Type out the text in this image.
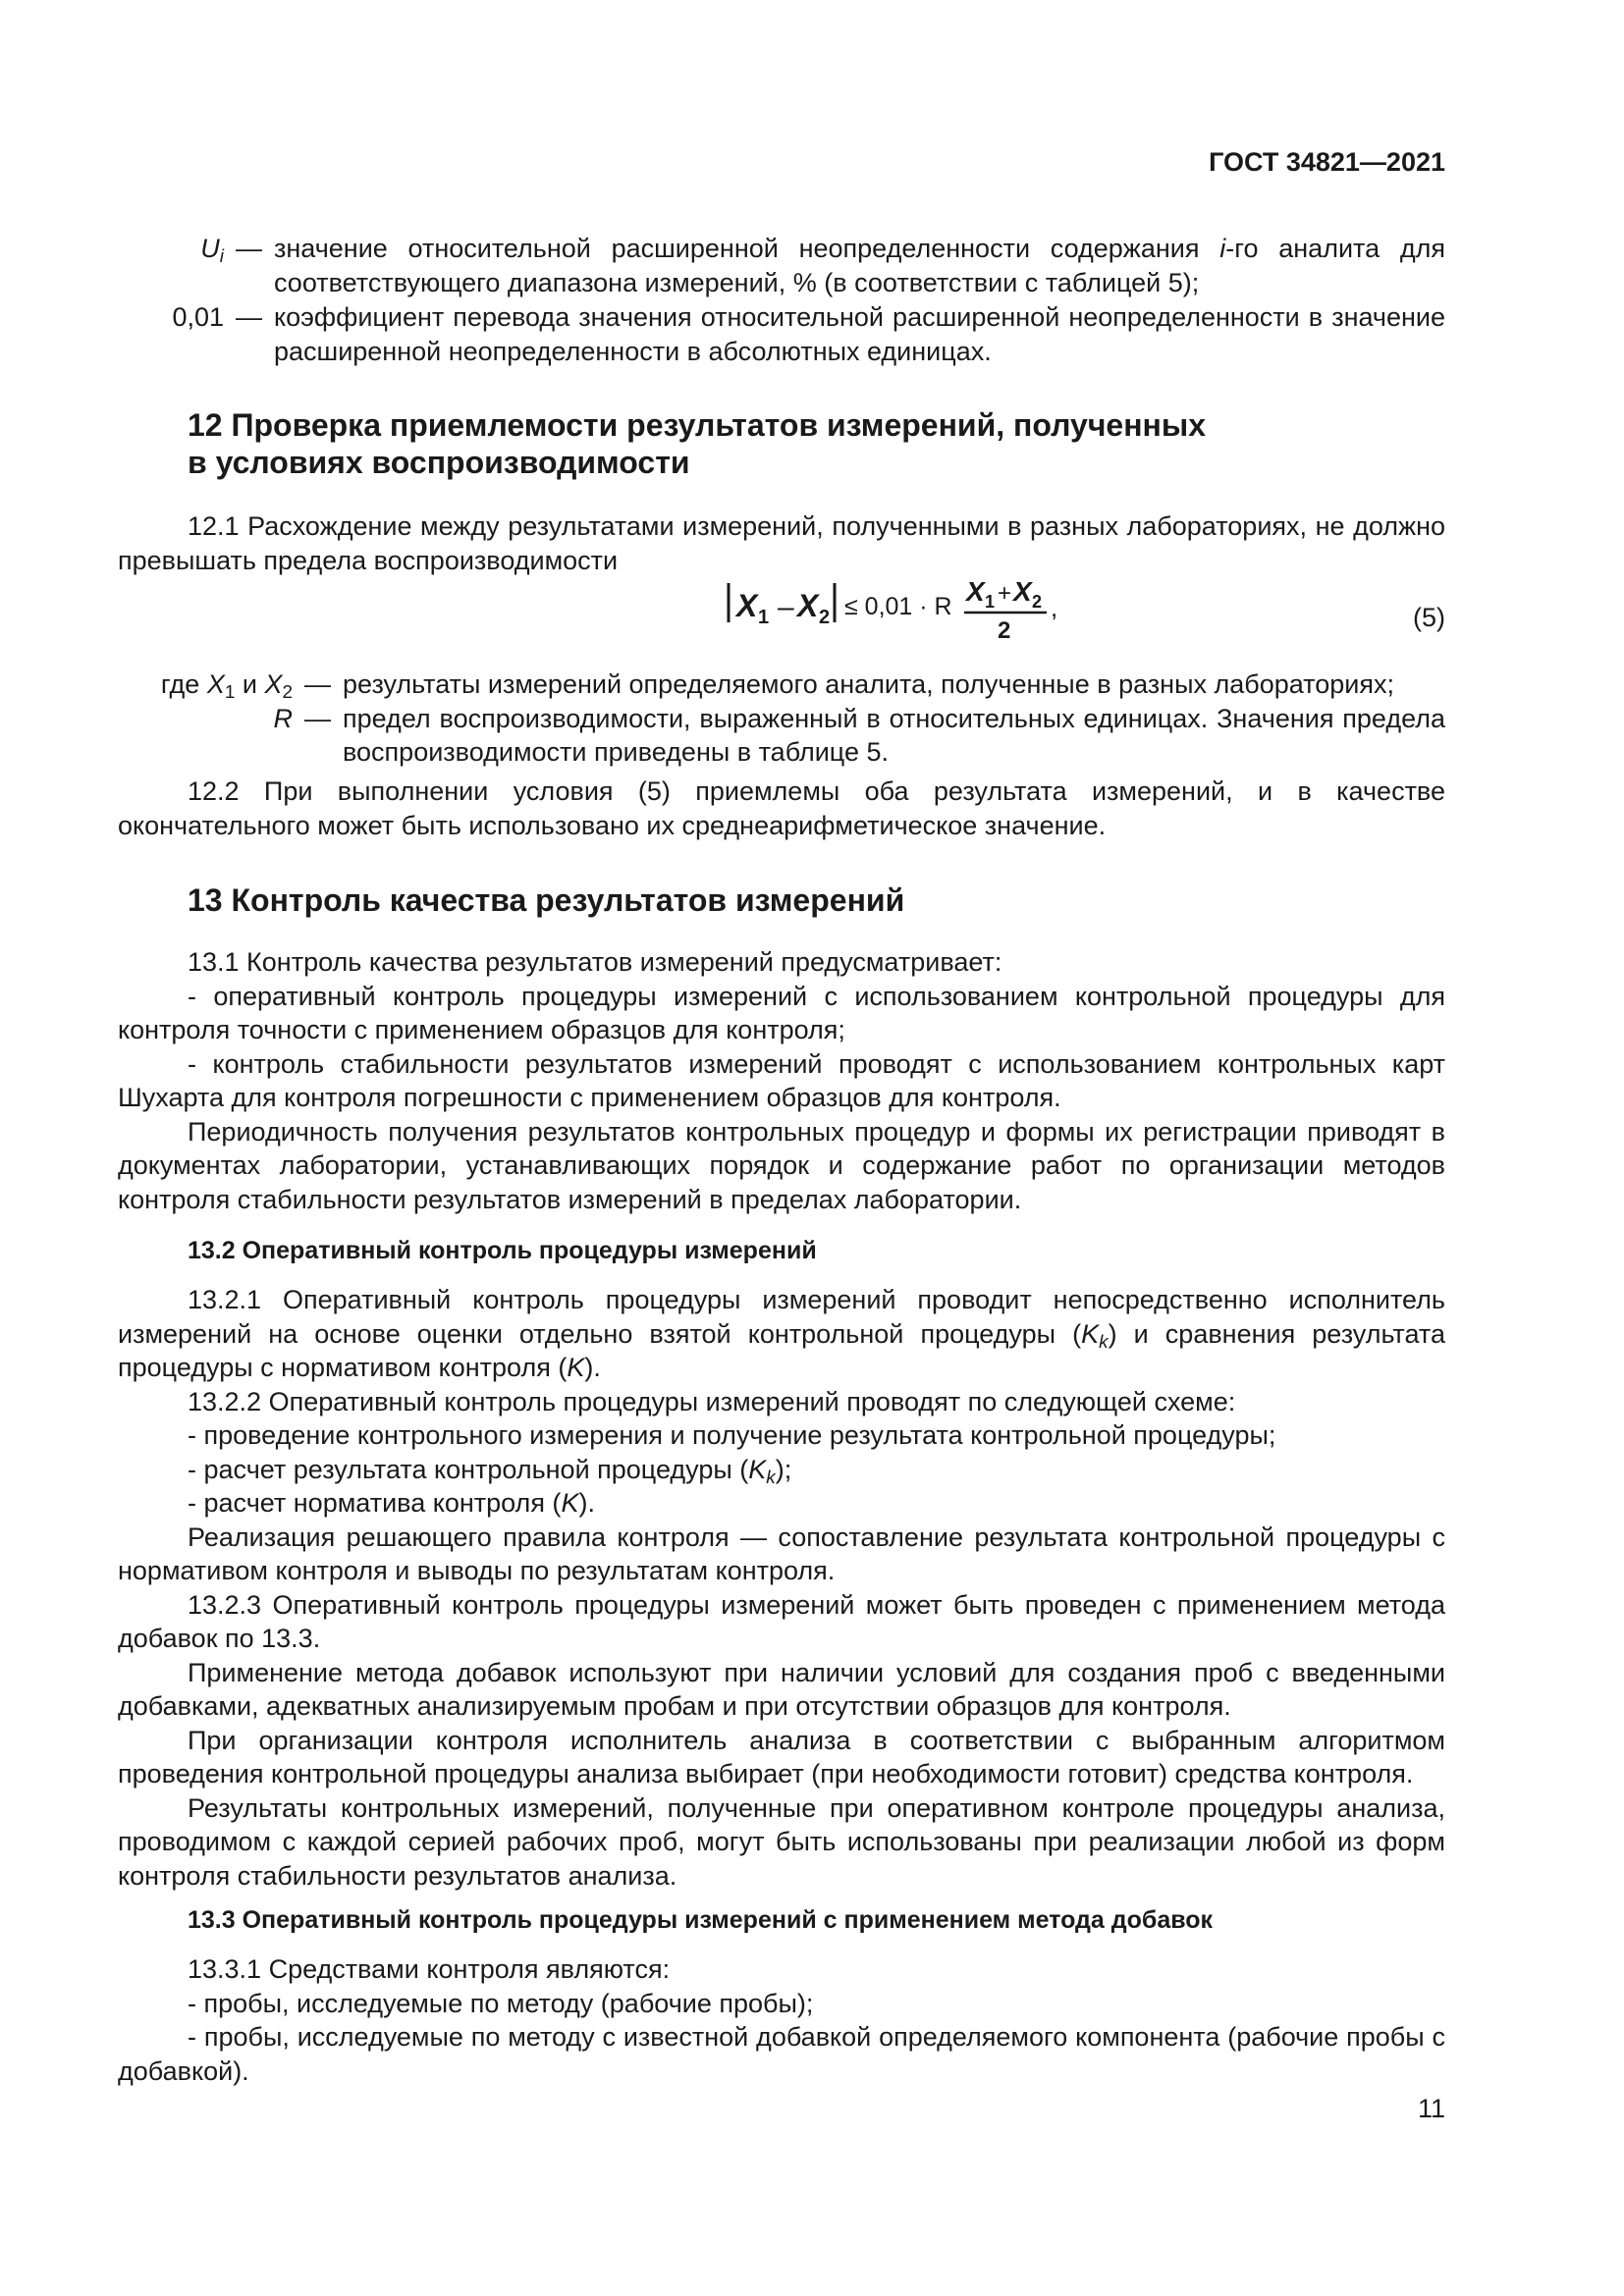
ГОСТ 34821—2021
$U_i$ — значение относительной расширенной неопределенности содержания i-го аналита для соответствующего диапазона измерений, % (в соответствии с таблицей 5);
0,01 — коэффициент перевода значения относительной расширенной неопределенности в значение расширенной неопределенности в абсолютных единицах.

12 Проверка приемлемости результатов измерений, полученных

в условиях воспроизводимости

12.1 Расхождение между результатами измерений, полученными в разных лабораториях, не должно превышать предела воспроизводимости

X 1 – X 2 ≤ 0,01 · R X 1 + X 2
2
,	(5)
где $X_1$ и $X_2$ — результаты измерений определяемого аналита, полученные в разных лабораториях;
R — предел воспроизводимости, выраженный в относительных единицах. Значения предела воспроизводимости приведены в таблице 5.

12.2 При выполнении условия (5) приемлемы оба результата измерений, и в качестве окончательного может быть использовано их среднеарифметическое значение.

13 Контроль качества результатов измерений

13.1 Контроль качества результатов измерений предусматривает:

- оперативный контроль процедуры измерений с использованием контрольной процедуры для контроля точности с применением образцов для контроля;

- контроль стабильности результатов измерений проводят с использованием контрольных карт Шухарта для контроля погрешности с применением образцов для контроля.

Периодичность получения результатов контрольных процедур и формы их регистрации приводят в документах лаборатории, устанавливающих порядок и содержание работ по организации методов контроля стабильности результатов измерений в пределах лаборатории.

13.2 Оперативный контроль процедуры измерений

13.2.1 Оперативный контроль процедуры измерений проводит непосредственно исполнитель измерений на основе оценки отдельно взятой контрольной процедуры $(K_k)$ и сравнения результата процедуры с нормативом контроля (K).

13.2.2 Оперативный контроль процедуры измерений проводят по следующей схеме:

- проведение контрольного измерения и получение результата контрольной процедуры;

- расчет результата контрольной процедуры $(K_k)$;

- расчет норматива контроля (K).

Реализация решающего правила контроля — сопоставление результата контрольной процедуры с нормативом контроля и выводы по результатам контроля.

13.2.3 Оперативный контроль процедуры измерений может быть проведен с применением метода добавок по 13.3.

Применение метода добавок используют при наличии условий для создания проб с введенными добавками, адекватных анализируемым пробам и при отсутствии образцов для контроля.

При организации контроля исполнитель анализа в соответствии с выбранным алгоритмом проведения контрольной процедуры анализа выбирает (при необходимости готовит) средства контроля.

Результаты контрольных измерений, полученные при оперативном контроле процедуры анализа, проводимом с каждой серией рабочих проб, могут быть использованы при реализации любой из форм контроля стабильности результатов анализа.

13.3 Оперативный контроль процедуры измерений с применением метода добавок

13.3.1 Средствами контроля являются:

- пробы, исследуемые по методу (рабочие пробы);

- пробы, исследуемые по методу с известной добавкой определяемого компонента (рабочие пробы с добавкой).

11
